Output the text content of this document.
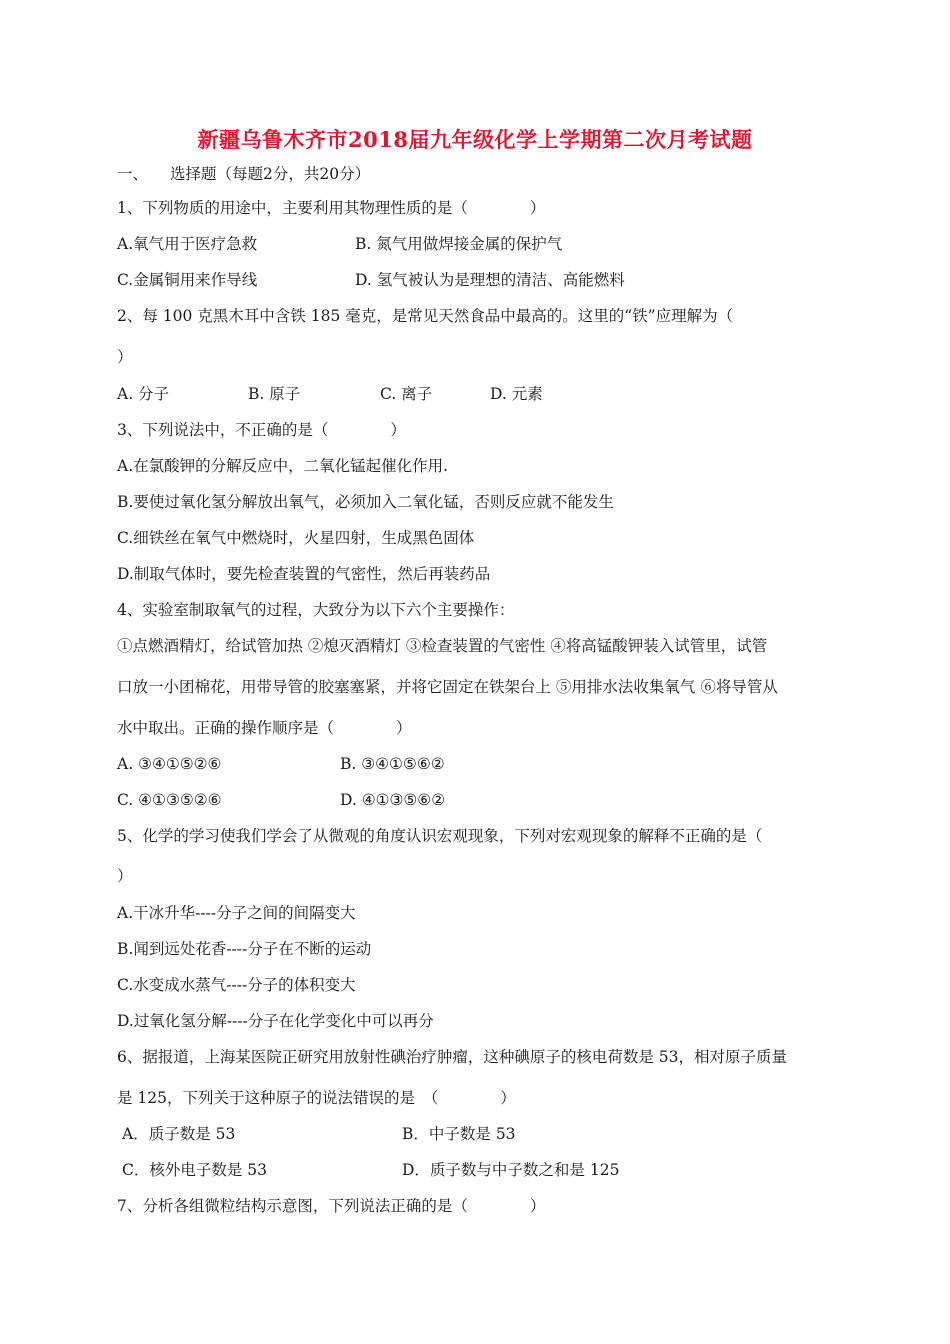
新疆乌鲁木齐市2018届九年级化学上学期第二次月考试题
一、 选择题（每题2分，共20分）
1、下列物质的用途中，主要利用其物理性质的是（　　　　）
A.氧气用于医疗急救	B. 氮气用做焊接金属的保护气
C.金属铜用来作导线	D. 氢气被认为是理想的清洁、高能燃料
2、每 100 克黑木耳中含铁 185 毫克，是常见天然食品中最高的。这里的“铁”应理解为（
）
A. 分子	B. 原子	C. 离子	D. 元素
3、下列说法中，不正确的是（　　　　）
A.在氯酸钾的分解反应中，二氧化锰起催化作用.
B.要使过氧化氢分解放出氧气，必须加入二氧化锰，否则反应就不能发生
C.细铁丝在氧气中燃烧时，火星四射，生成黑色固体
D.制取气体时，要先检查装置的气密性，然后再装药品
4、实验室制取氧气的过程，大致分为以下六个主要操作：
①点燃酒精灯，给试管加热 ②熄灭酒精灯 ③检查装置的气密性 ④将高锰酸钾装入试管里，试管
口放一小团棉花，用带导管的胶塞塞紧，并将它固定在铁架台上 ⑤用排水法收集氧气 ⑥将导管从
水中取出。正确的操作顺序是（　　　　）
A. ③④①⑤②⑥	B. ③④①⑤⑥②
C. ④①③⑤②⑥	D. ④①③⑤⑥②
5、化学的学习使我们学会了从微观的角度认识宏观现象，下列对宏观现象的解释不正确的是（
）
A.干冰升华----分子之间的间隔变大
B.闻到远处花香----分子在不断的运动
C.水变成水蒸气----分子的体积变大
D.过氧化氢分解----分子在化学变化中可以再分
6、据报道，上海某医院正研究用放射性碘治疗肿瘤，这种碘原子的核电荷数是 53，相对原子质量
是 125，下列关于这种原子的说法错误的是　（　　　　）
A．质子数是 53	B．中子数是 53
C．核外电子数是 53	D．质子数与中子数之和是 125
7、分析各组微粒结构示意图，下列说法正确的是（　　　　）
